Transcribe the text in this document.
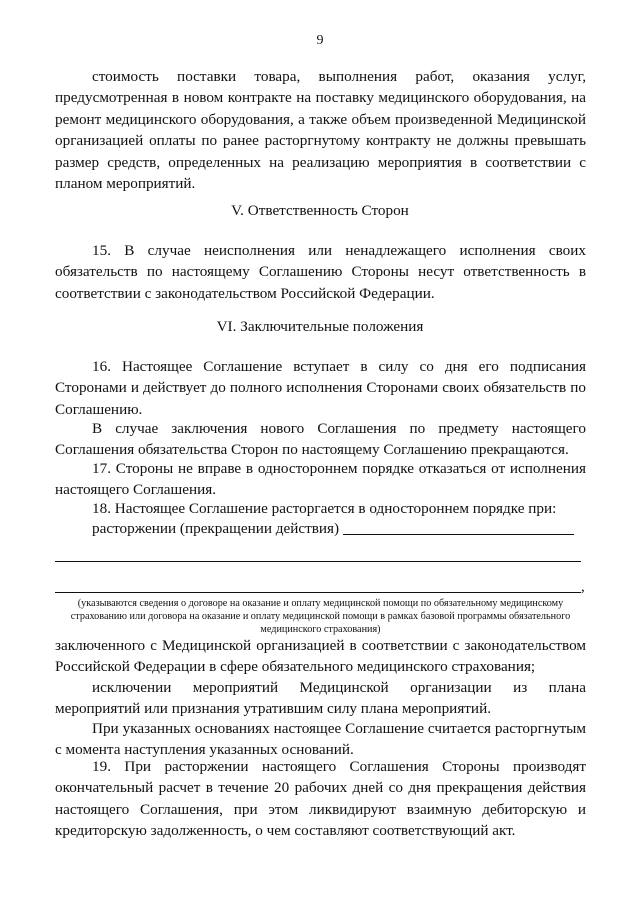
9
стоимость поставки товара, выполнения работ, оказания услуг, предусмотренная в новом контракте на поставку медицинского оборудования, на ремонт медицинского оборудования, а также объем произведенной Медицинской организацией оплаты по ранее расторгнутому контракту не должны превышать размер средств, определенных на реализацию мероприятия в соответствии с планом мероприятий.
V. Ответственность Сторон
15. В случае неисполнения или ненадлежащего исполнения своих обязательств по настоящему Соглашению Стороны несут ответственность в соответствии с законодательством Российской Федерации.
VI. Заключительные положения
16. Настоящее Соглашение вступает в силу со дня его подписания Сторонами и действует до полного исполнения Сторонами своих обязательств по Соглашению.
В случае заключения нового Соглашения по предмету настоящего Соглашения обязательства Сторон по настоящему Соглашению прекращаются.
17. Стороны не вправе в одностороннем порядке отказаться от исполнения настоящего Соглашения.
18. Настоящее Соглашение расторгается в одностороннем порядке при:
расторжении (прекращении действия)
,
(указываются сведения о договоре на оказание и оплату медицинской помощи по обязательному медицинскому страхованию или договора на оказание и оплату медицинской помощи в рамках базовой программы обязательного медицинского страхования)
заключенного с Медицинской организацией в соответствии с законодательством Российской Федерации в сфере обязательного медицинского страхования;
исключении мероприятий Медицинской организации из плана мероприятий или признания утратившим силу плана мероприятий.
При указанных основаниях настоящее Соглашение считается расторгнутым с момента наступления указанных оснований.
19. При расторжении настоящего Соглашения Стороны производят окончательный расчет в течение 20 рабочих дней со дня прекращения действия настоящего Соглашения, при этом ликвидируют взаимную дебиторскую и кредиторскую задолженность, о чем составляют соответствующий акт.
